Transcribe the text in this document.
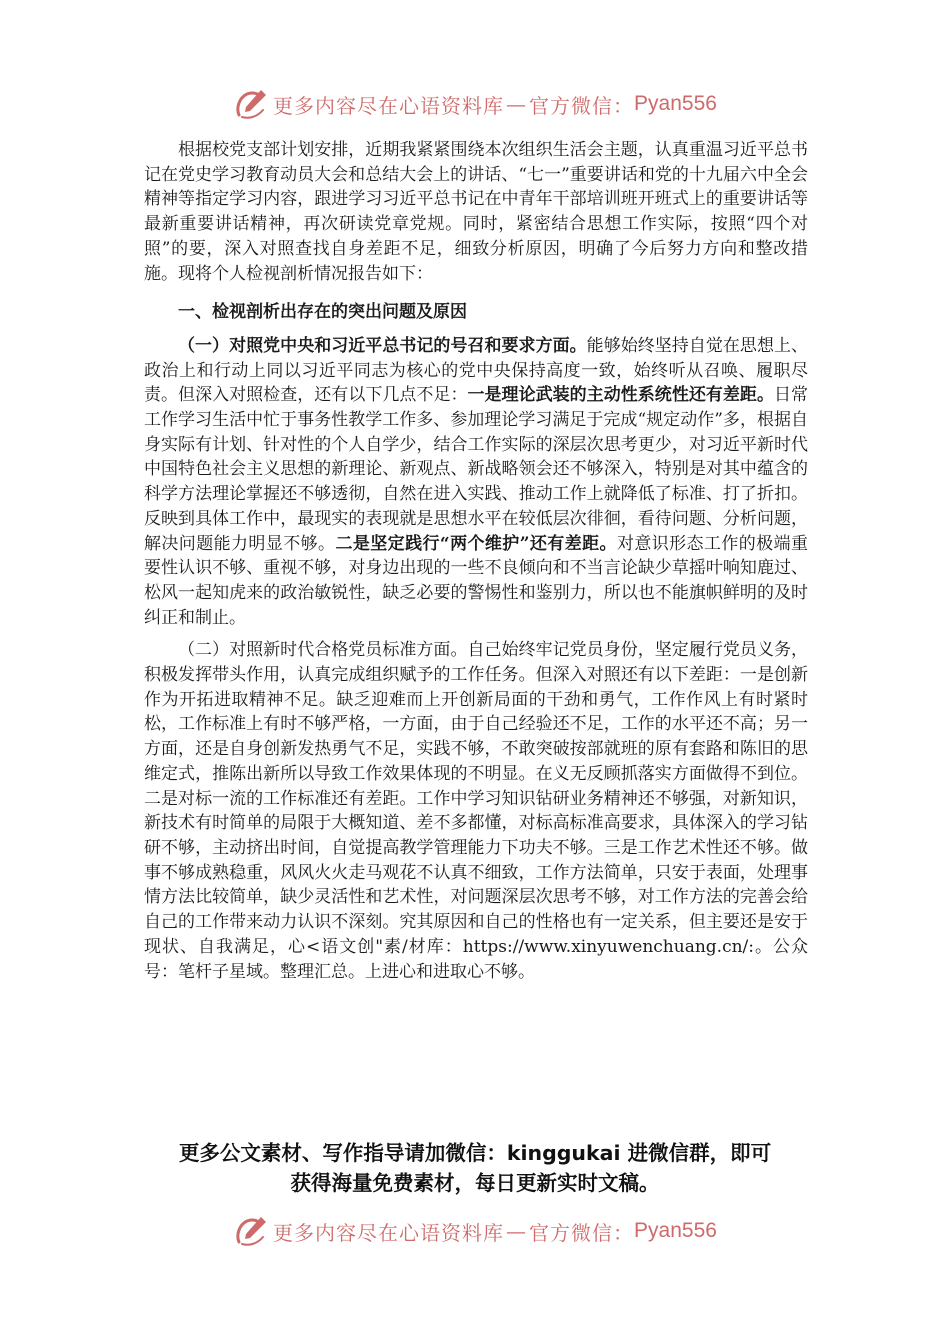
更多内容尽在心语资料库 — 官方微信： Pyan556

根据校党支部计划安排，近期我紧紧围绕本次组织生活会主题，认真重温习近平总书记在党史学习教育动员大会和总结大会上的讲话、“七一”重要讲话和党的十九届六中全会精神等指定学习内容，跟进学习习近平总书记在中青年干部培训班开班式上的重要讲话等最新重要讲话精神，再次研读党章党规。同时，紧密结合思想工作实际，按照“四个对照”的要，深入对照查找自身差距不足，细致分析原因，明确了今后努力方向和整改措施。现将个人检视剖析情况报告如下：

一、检视剖析出存在的突出问题及原因

（一）对照党中央和习近平总书记的号召和要求方面。能够始终坚持自觉在思想上、政治上和行动上同以习近平同志为核心的党中央保持高度一致，始终听从召唤、履职尽责。但深入对照检查，还有以下几点不足：一是理论武装的主动性系统性还有差距。日常工作学习生活中忙于事务性教学工作多、参加理论学习满足于完成“规定动作”多，根据自身实际有计划、针对性的个人自学少，结合工作实际的深层次思考更少，对习近平新时代中国特色社会主义思想的新理论、新观点、新战略领会还不够深入，特别是对其中蕴含的科学方法理论掌握还不够透彻，自然在进入实践、推动工作上就降低了标准、打了折扣。反映到具体工作中，最现实的表现就是思想水平在较低层次徘徊，看待问题、分析问题，解决问题能力明显不够。二是坚定践行“两个维护”还有差距。对意识形态工作的极端重要性认识不够、重视不够，对身边出现的一些不良倾向和不当言论缺少草摇叶响知鹿过、松风一起知虎来的政治敏锐性，缺乏必要的警惕性和鉴别力，所以也不能旗帜鲜明的及时纠正和制止。

（二）对照新时代合格党员标准方面。自己始终牢记党员身份，坚定履行党员义务，积极发挥带头作用，认真完成组织赋予的工作任务。但深入对照还有以下差距：一是创新作为开拓进取精神不足。缺乏迎难而上开创新局面的干劲和勇气，工作作风上有时紧时松，工作标准上有时不够严格，一方面，由于自己经验还不足，工作的水平还不高；另一方面，还是自身创新发热勇气不足，实践不够，不敢突破按部就班的原有套路和陈旧的思维定式，推陈出新所以导致工作效果体现的不明显。在义无反顾抓落实方面做得不到位。二是对标一流的工作标准还有差距。工作中学习知识钻研业务精神还不够强，对新知识，新技术有时简单的局限于大概知道、差不多都懂，对标高标准高要求，具体深入的学习钻研不够，主动挤出时间，自觉提高教学管理能力下功夫不够。三是工作艺术性还不够。做事不够成熟稳重，风风火火走马观花不认真不细致，工作方法简单，只安于表面，处理事情方法比较简单，缺少灵活性和艺术性，对问题深层次思考不够，对工作方法的完善会给自己的工作带来动力认识不深刻。究其原因和自己的性格也有一定关系，但主要还是安于现状、自我满足，心<语文创"素/材库：https://www.xinyuwenchuang.cn/:。公众号：笔杆子星域。整理汇总。上进心和进取心不够。

更多公文素材、写作指导请加微信：kinggukai 进微信群，即可
获得海量免费素材，每日更新实时文稿。
更多内容尽在心语资料库 — 官方微信： Pyan556
